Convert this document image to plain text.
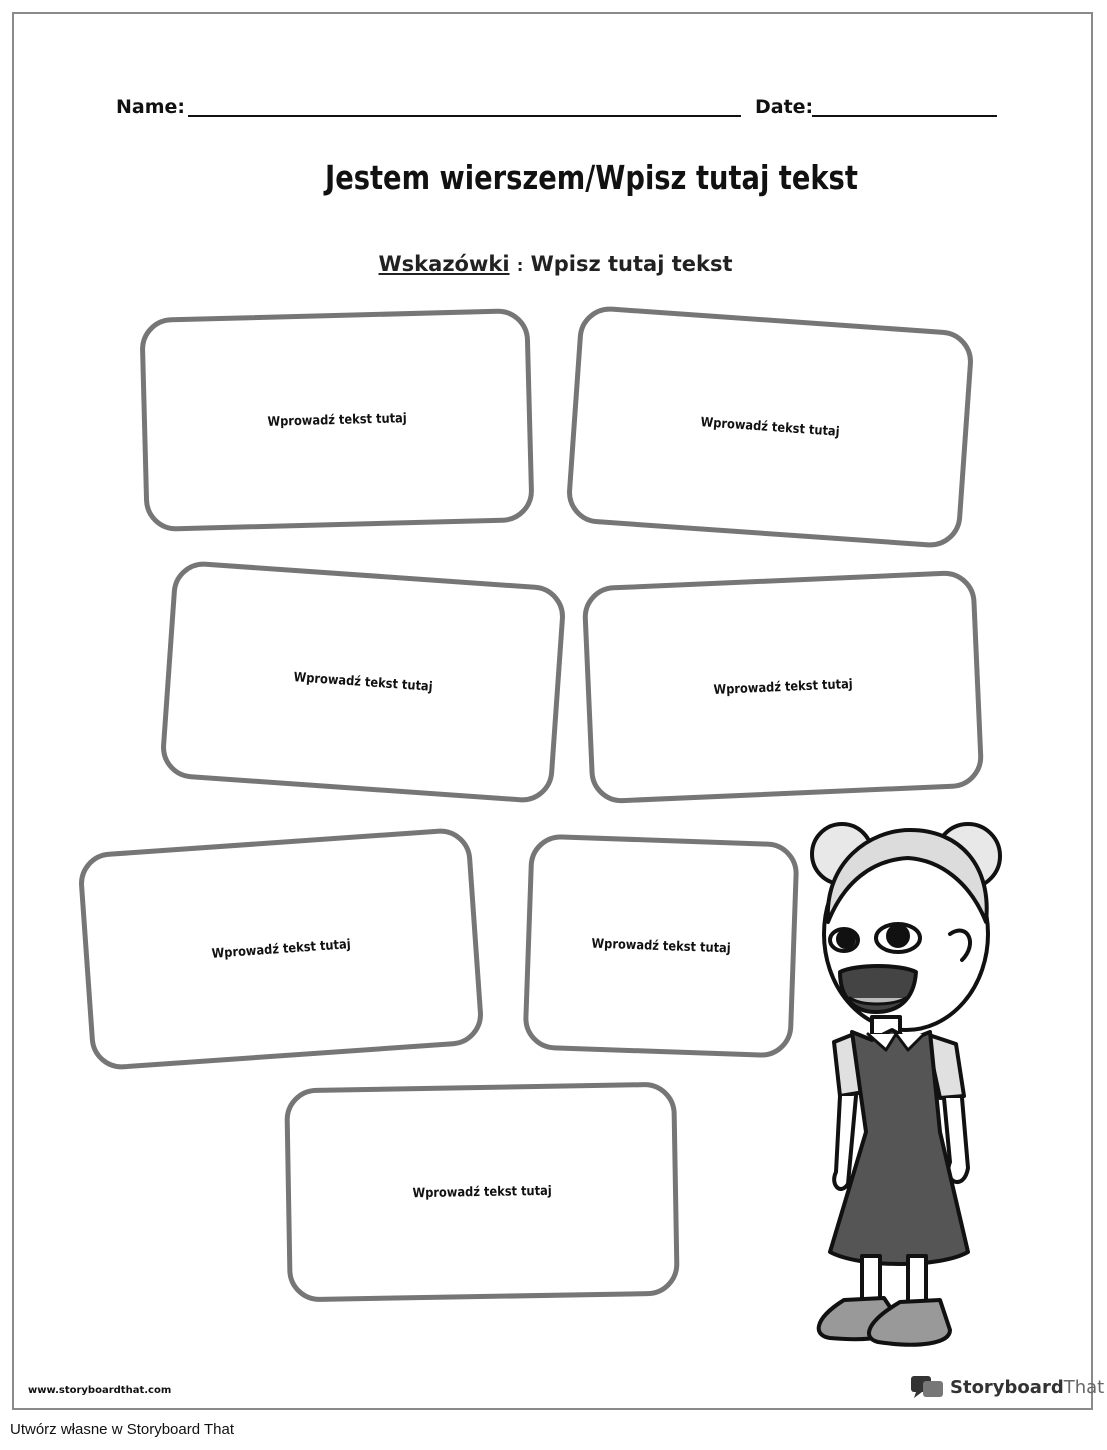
Name:	Date:
Jestem wierszem/Wpisz tutaj tekst
Wskazówki : Wpisz tutaj tekst
Wprowadź tekst tutaj	Wprowadź tekst tutaj
Wprowadź tekst tutaj	Wprowadź tekst tutaj
Wprowadź tekst tutaj	Wprowadź tekst tutaj
Wprowadź tekst tutaj
www.storyboardthat.com	StoryboardThat
Utwórz własne w Storyboard That
